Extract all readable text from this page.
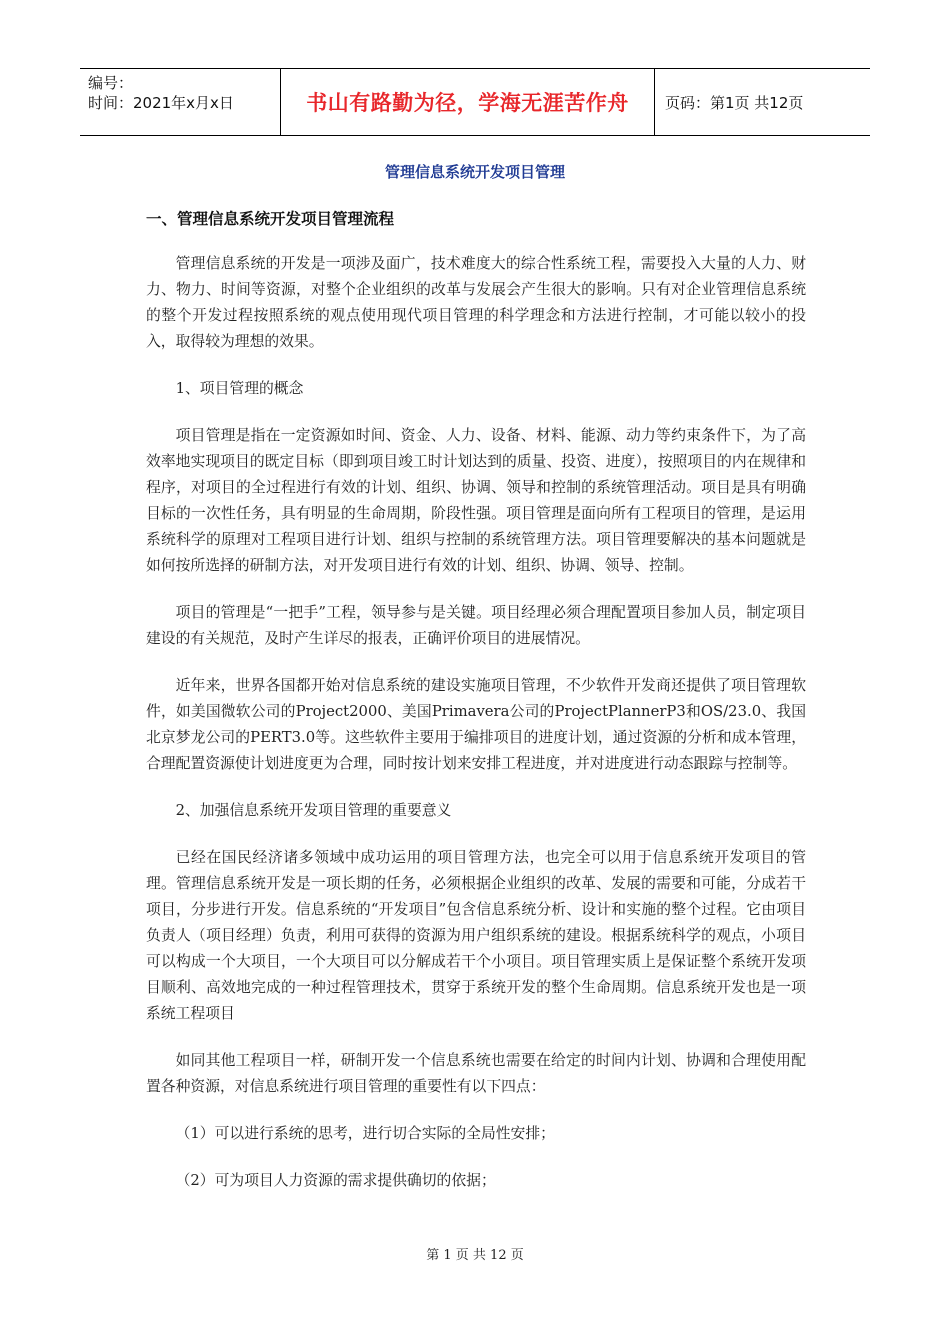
编号：
时间：2021年x月x日	书山有路勤为径，学海无涯苦作舟	页码：第1页 共12页
管理信息系统开发项目管理
一、管理信息系统开发项目管理流程

管理信息系统的开发是一项涉及面广，技术难度大的综合性系统工程，需要投入大量的人力、财力、物力、时间等资源，对整个企业组织的改革与发展会产生很大的影响。只有对企业管理信息系统的整个开发过程按照系统的观点使用现代项目管理的科学理念和方法进行控制，才可能以较小的投入，取得较为理想的效果。

1、项目管理的概念

项目管理是指在一定资源如时间、资金、人力、设备、材料、能源、动力等约束条件下，为了高效率地实现项目的既定目标（即到项目竣工时计划达到的质量、投资、进度），按照项目的内在规律和程序，对项目的全过程进行有效的计划、组织、协调、领导和控制的系统管理活动。项目是具有明确目标的一次性任务，具有明显的生命周期，阶段性强。项目管理是面向所有工程项目的管理，是运用系统科学的原理对工程项目进行计划、组织与控制的系统管理方法。项目管理要解决的基本问题就是如何按所选择的研制方法，对开发项目进行有效的计划、组织、协调、领导、控制。

项目的管理是“一把手”工程，领导参与是关键。项目经理必须合理配置项目参加人员，制定项目建设的有关规范，及时产生详尽的报表，正确评价项目的进展情况。

近年来，世界各国都开始对信息系统的建设实施项目管理，不少软件开发商还提供了项目管理软件，如美国微软公司的Project2000、美国Primavera公司的ProjectPlannerP3和OS/23.0、我国北京梦龙公司的PERT3.0等。这些软件主要用于编排项目的进度计划，通过资源的分析和成本管理，合理配置资源使计划进度更为合理，同时按计划来安排工程进度，并对进度进行动态跟踪与控制等。

2、加强信息系统开发项目管理的重要意义

已经在国民经济诸多领域中成功运用的项目管理方法，也完全可以用于信息系统开发项目的管理。管理信息系统开发是一项长期的任务，必须根据企业组织的改革、发展的需要和可能，分成若干项目，分步进行开发。信息系统的“开发项目”包含信息系统分析、设计和实施的整个过程。它由项目负责人（项目经理）负责，利用可获得的资源为用户组织系统的建设。根据系统科学的观点，小项目可以构成一个大项目，一个大项目可以分解成若干个小项目。项目管理实质上是保证整个系统开发项目顺利、高效地完成的一种过程管理技术，贯穿于系统开发的整个生命周期。信息系统开发也是一项系统工程项目

如同其他工程项目一样，研制开发一个信息系统也需要在给定的时间内计划、协调和合理使用配置各种资源，对信息系统进行项目管理的重要性有以下四点：

（1）可以进行系统的思考，进行切合实际的全局性安排；

（2）可为项目人力资源的需求提供确切的依据；

第 1 页 共 12 页
